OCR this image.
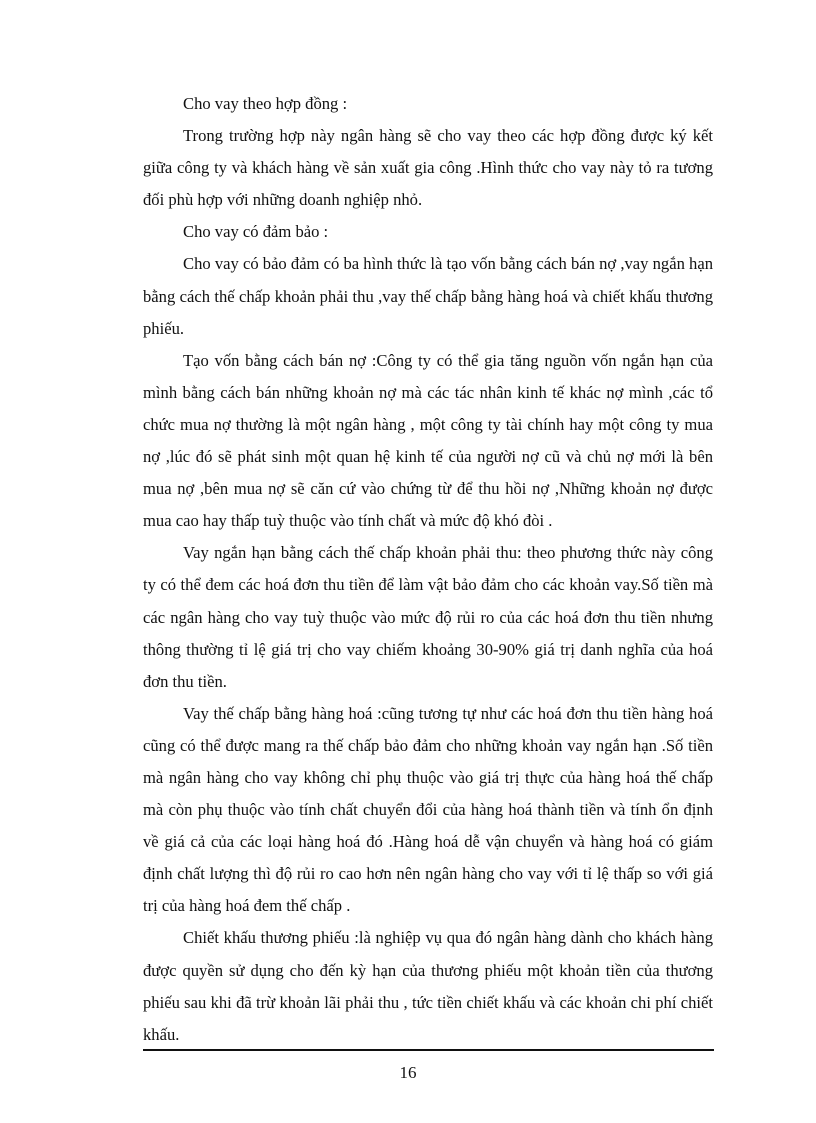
Cho vay theo hợp đồng :

Trong trường hợp này ngân hàng sẽ cho vay theo các hợp đồng được ký kết giữa công ty và khách hàng về sản xuất gia công .Hình thức cho vay này tỏ ra tương đối phù hợp với những doanh nghiệp nhỏ.

Cho vay có đảm bảo :

Cho vay có bảo đảm có ba hình thức là tạo vốn bằng cách bán nợ ,vay ngắn hạn bằng cách thế chấp khoản phải thu ,vay thế chấp bằng hàng hoá và chiết khấu thương phiếu.

Tạo vốn bằng cách bán nợ :Công ty có thể gia tăng nguồn vốn ngắn hạn của mình bằng cách bán những khoản nợ mà các tác nhân kinh tế khác nợ mình ,các tổ chức mua nợ thường là một ngân hàng , một công ty tài chính hay một công ty mua nợ ,lúc đó sẽ phát sinh một quan hệ kinh tế của người nợ cũ và chủ nợ mới là bên mua nợ ,bên mua nợ sẽ căn cứ vào chứng từ để thu hồi nợ ,Những khoản nợ được mua cao hay thấp tuỳ thuộc vào tính chất và mức độ khó đòi .

Vay ngắn hạn bằng cách thế chấp khoản phải thu: theo phương thức này công ty có thể đem các hoá đơn thu tiền để làm vật bảo đảm cho các khoản vay.Số tiền mà các ngân hàng cho vay tuỳ thuộc vào mức độ rủi ro của các hoá đơn thu tiền nhưng thông thường tỉ lệ giá trị cho vay chiếm khoảng 30-90% giá trị danh nghĩa của hoá đơn thu tiền.

Vay thế chấp bằng hàng hoá :cũng tương tự như các hoá đơn thu tiền hàng hoá cũng có thể được mang ra thế chấp bảo đảm cho những khoản vay ngắn hạn .Số tiền mà ngân hàng cho vay không chỉ phụ thuộc vào giá trị thực của hàng hoá thế chấp mà còn phụ thuộc vào tính chất chuyển đổi của hàng hoá thành tiền và tính ổn định về giá cả của các loại hàng hoá đó .Hàng hoá dễ vận chuyển và hàng hoá có giám định chất lượng thì độ rủi ro cao hơn nên ngân hàng cho vay với tỉ lệ thấp so với giá trị của hàng hoá đem thế chấp .

Chiết khấu thương phiếu :là nghiệp vụ qua đó ngân hàng dành cho khách hàng được quyền sử dụng cho đến kỳ hạn của thương phiếu một khoản tiền của thương phiếu sau khi đã trừ khoản lãi phải thu , tức tiền chiết khấu và các khoản chi phí chiết khấu.

16
